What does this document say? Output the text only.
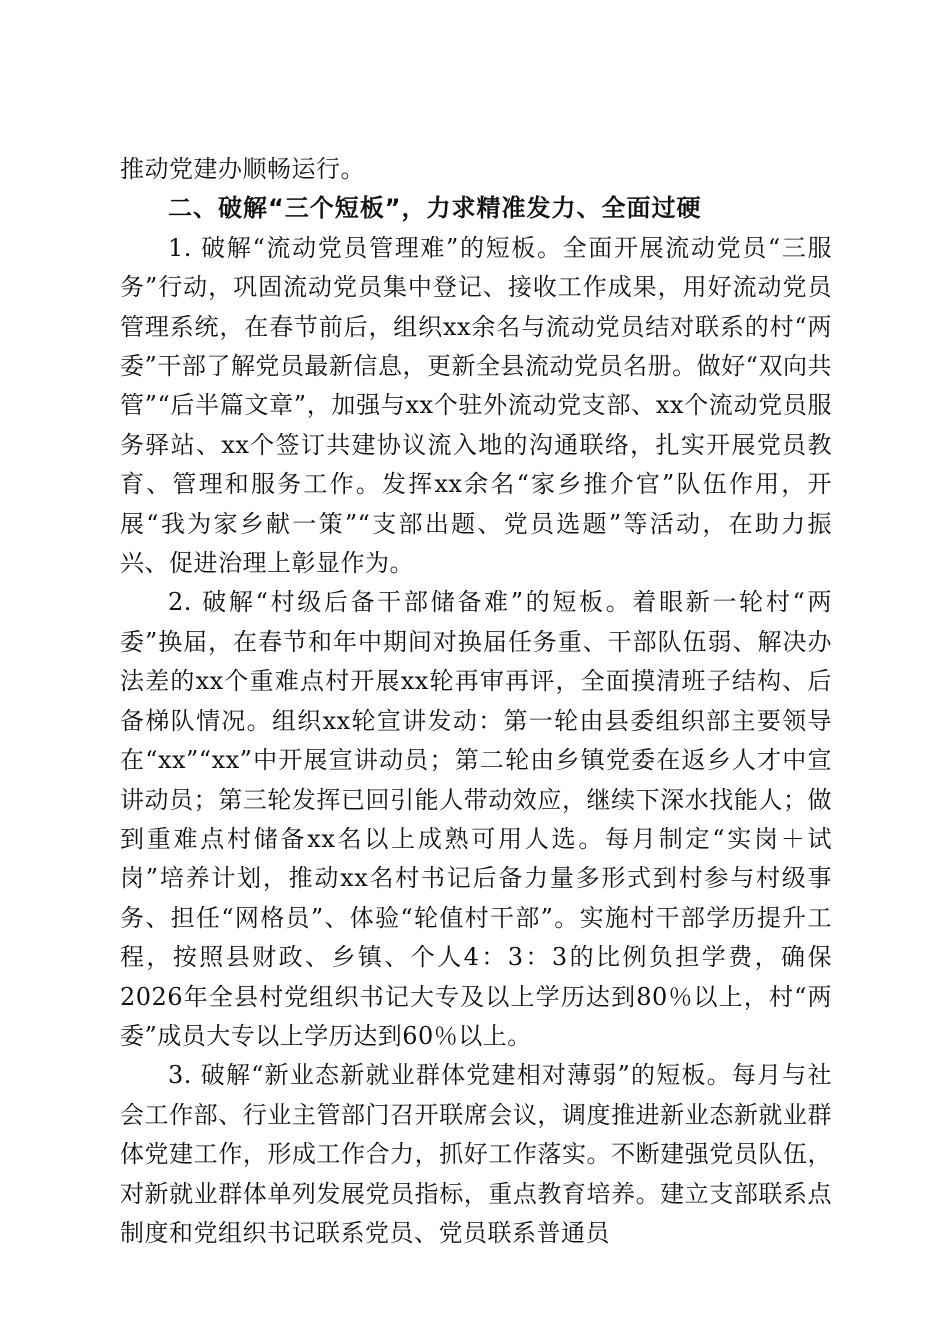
推动党建办顺畅运行。

二、破解“三个短板”，力求精准发力、全面过硬

1. 破解“流动党员管理难”的短板。全面开展流动党员“三服务”行动，巩固流动党员集中登记、接收工作成果，用好流动党员管理系统，在春节前后，组织xx余名与流动党员结对联系的村“两委”干部了解党员最新信息，更新全县流动党员名册。做好“双向共管”“后半篇文章”，加强与xx个驻外流动党支部、xx个流动党员服务驿站、xx个签订共建协议流入地的沟通联络，扎实开展党员教育、管理和服务工作。发挥xx余名“家乡推介官”队伍作用，开展“我为家乡献一策”“支部出题、党员选题”等活动，在助力振兴、促进治理上彰显作为。

2. 破解“村级后备干部储备难”的短板。着眼新一轮村“两委”换届，在春节和年中期间对换届任务重、干部队伍弱、解决办法差的xx个重难点村开展xx轮再审再评，全面摸清班子结构、后备梯队情况。组织xx轮宣讲发动：第一轮由县委组织部主要领导在“xx”“xx”中开展宣讲动员；第二轮由乡镇党委在返乡人才中宣讲动员；第三轮发挥已回引能人带动效应，继续下深水找能人；做到重难点村储备xx名以上成熟可用人选。每月制定“实岗＋试岗”培养计划，推动xx名村书记后备力量多形式到村参与村级事务、担任“网格员”、体验“轮值村干部”。实施村干部学历提升工程，按照县财政、乡镇、个人4：3：3的比例负担学费，确保2026年全县村党组织书记大专及以上学历达到80％以上，村“两委”成员大专以上学历达到60％以上。

3. 破解“新业态新就业群体党建相对薄弱”的短板。每月与社会工作部、行业主管部门召开联席会议，调度推进新业态新就业群体党建工作，形成工作合力，抓好工作落实。不断建强党员队伍，对新就业群体单列发展党员指标，重点教育培养。建立支部联系点制度和党组织书记联系党员、党员联系普通员
